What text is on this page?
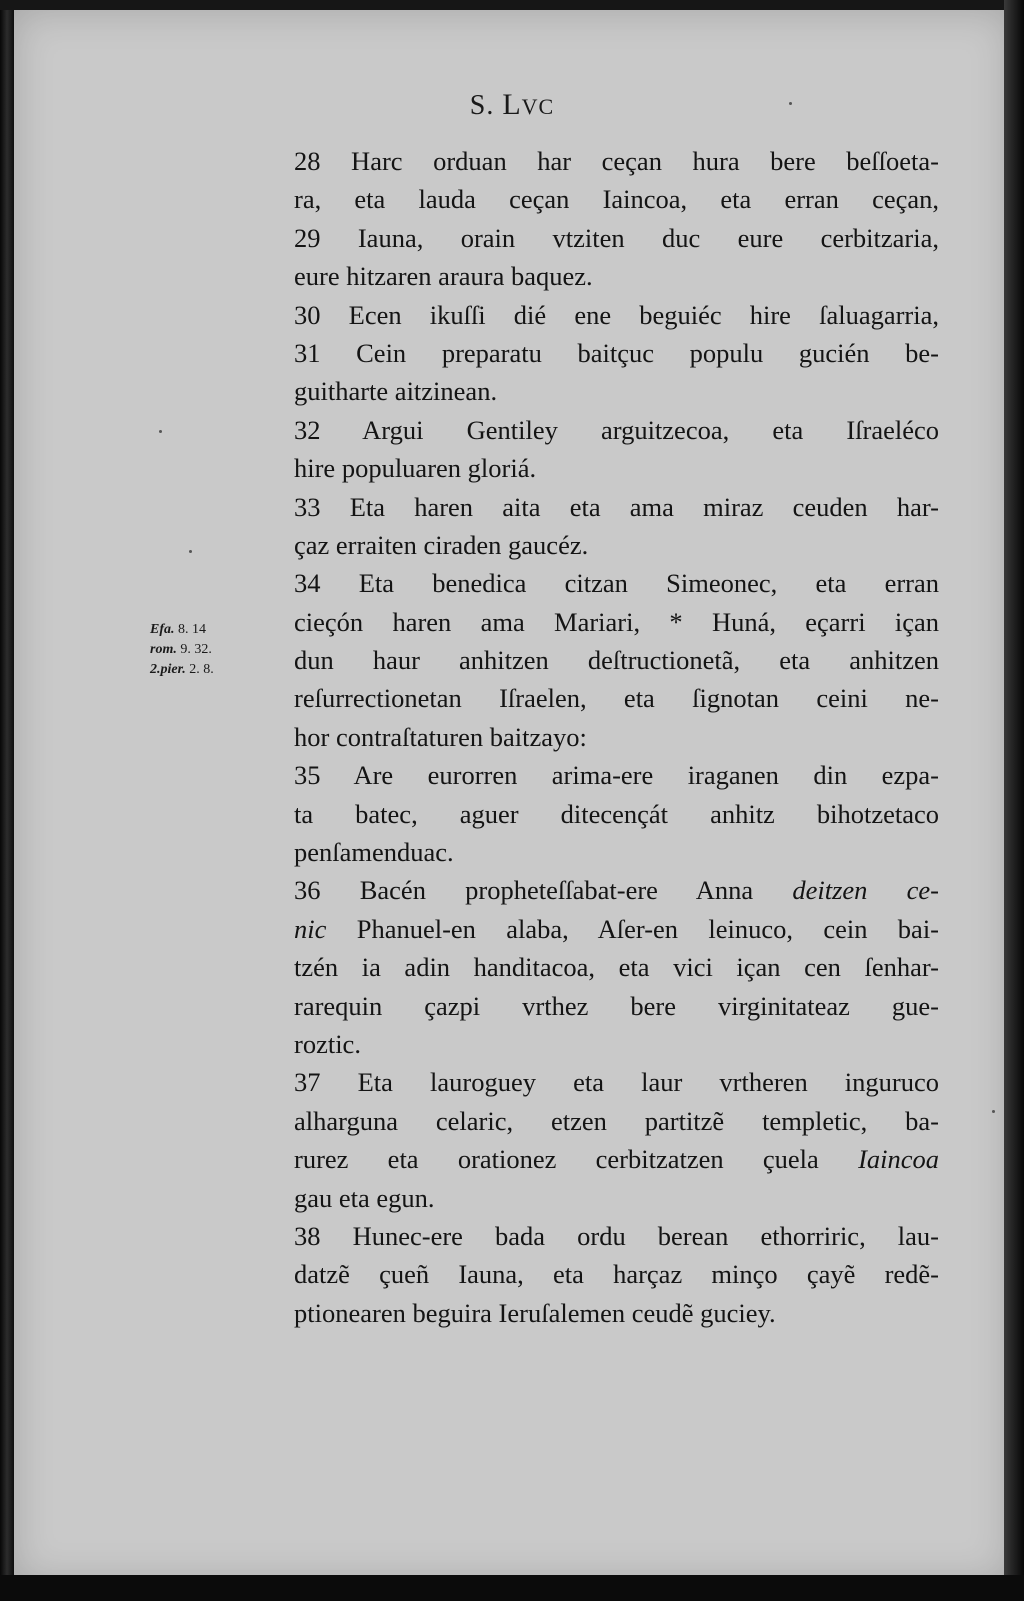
S. LVC
Efa. 8. 14
rom. 9. 32.
2.pier. 2. 8.
28 Harc orduan har ceçan hura bere beſſoeta-
ra, eta lauda ceçan Iaincoa, eta erran ceçan,
29 Iauna, orain vtziten duc eure cerbitzaria,
eure hitzaren araura baquez.
30 Ecen ikuſſi dié ene beguiéc hire ſaluagarria,
31 Cein preparatu baitçuc populu gucién be-
guitharte aitzinean.
32 Argui Gentiley arguitzecoa, eta Iſraeléco
hire populuaren gloriá.
33 Eta haren aita eta ama miraz ceuden har-
çaz erraiten ciraden gaucéz.
34 Eta benedica citzan Simeonec, eta erran
cieçón haren ama Mariari, * Huná, eçarri içan
dun haur anhitzen deſtructionetã, eta anhitzen
reſurrectionetan Iſraelen, eta ſignotan ceini ne-
hor contraſtaturen baitzayo:
35 Are eurorren arima-ere iraganen din ezpa-
ta batec, aguer ditecençát anhitz bihotzetaco
penſamenduac.
36 Bacén propheteſſabat-ere Anna deitzen ce-
nic Phanuel-en alaba, Aſer-en leinuco, cein bai-
tzén ia adin handitacoa, eta vici içan cen ſenhar-
rarequin çazpi vrthez bere virginitateaz gue-
roztic.
37 Eta lauroguey eta laur vrtheren inguruco
alharguna celaric, etzen partitzẽ templetic, ba-
rurez eta orationez cerbitzatzen çuela Iaincoa
gau eta egun.
38 Hunec-ere bada ordu berean ethorriric, lau-
datzẽ çueñ Iauna, eta harçaz minço çayẽ redẽ-
ptionearen beguira Ieruſalemen ceudẽ guciey.
